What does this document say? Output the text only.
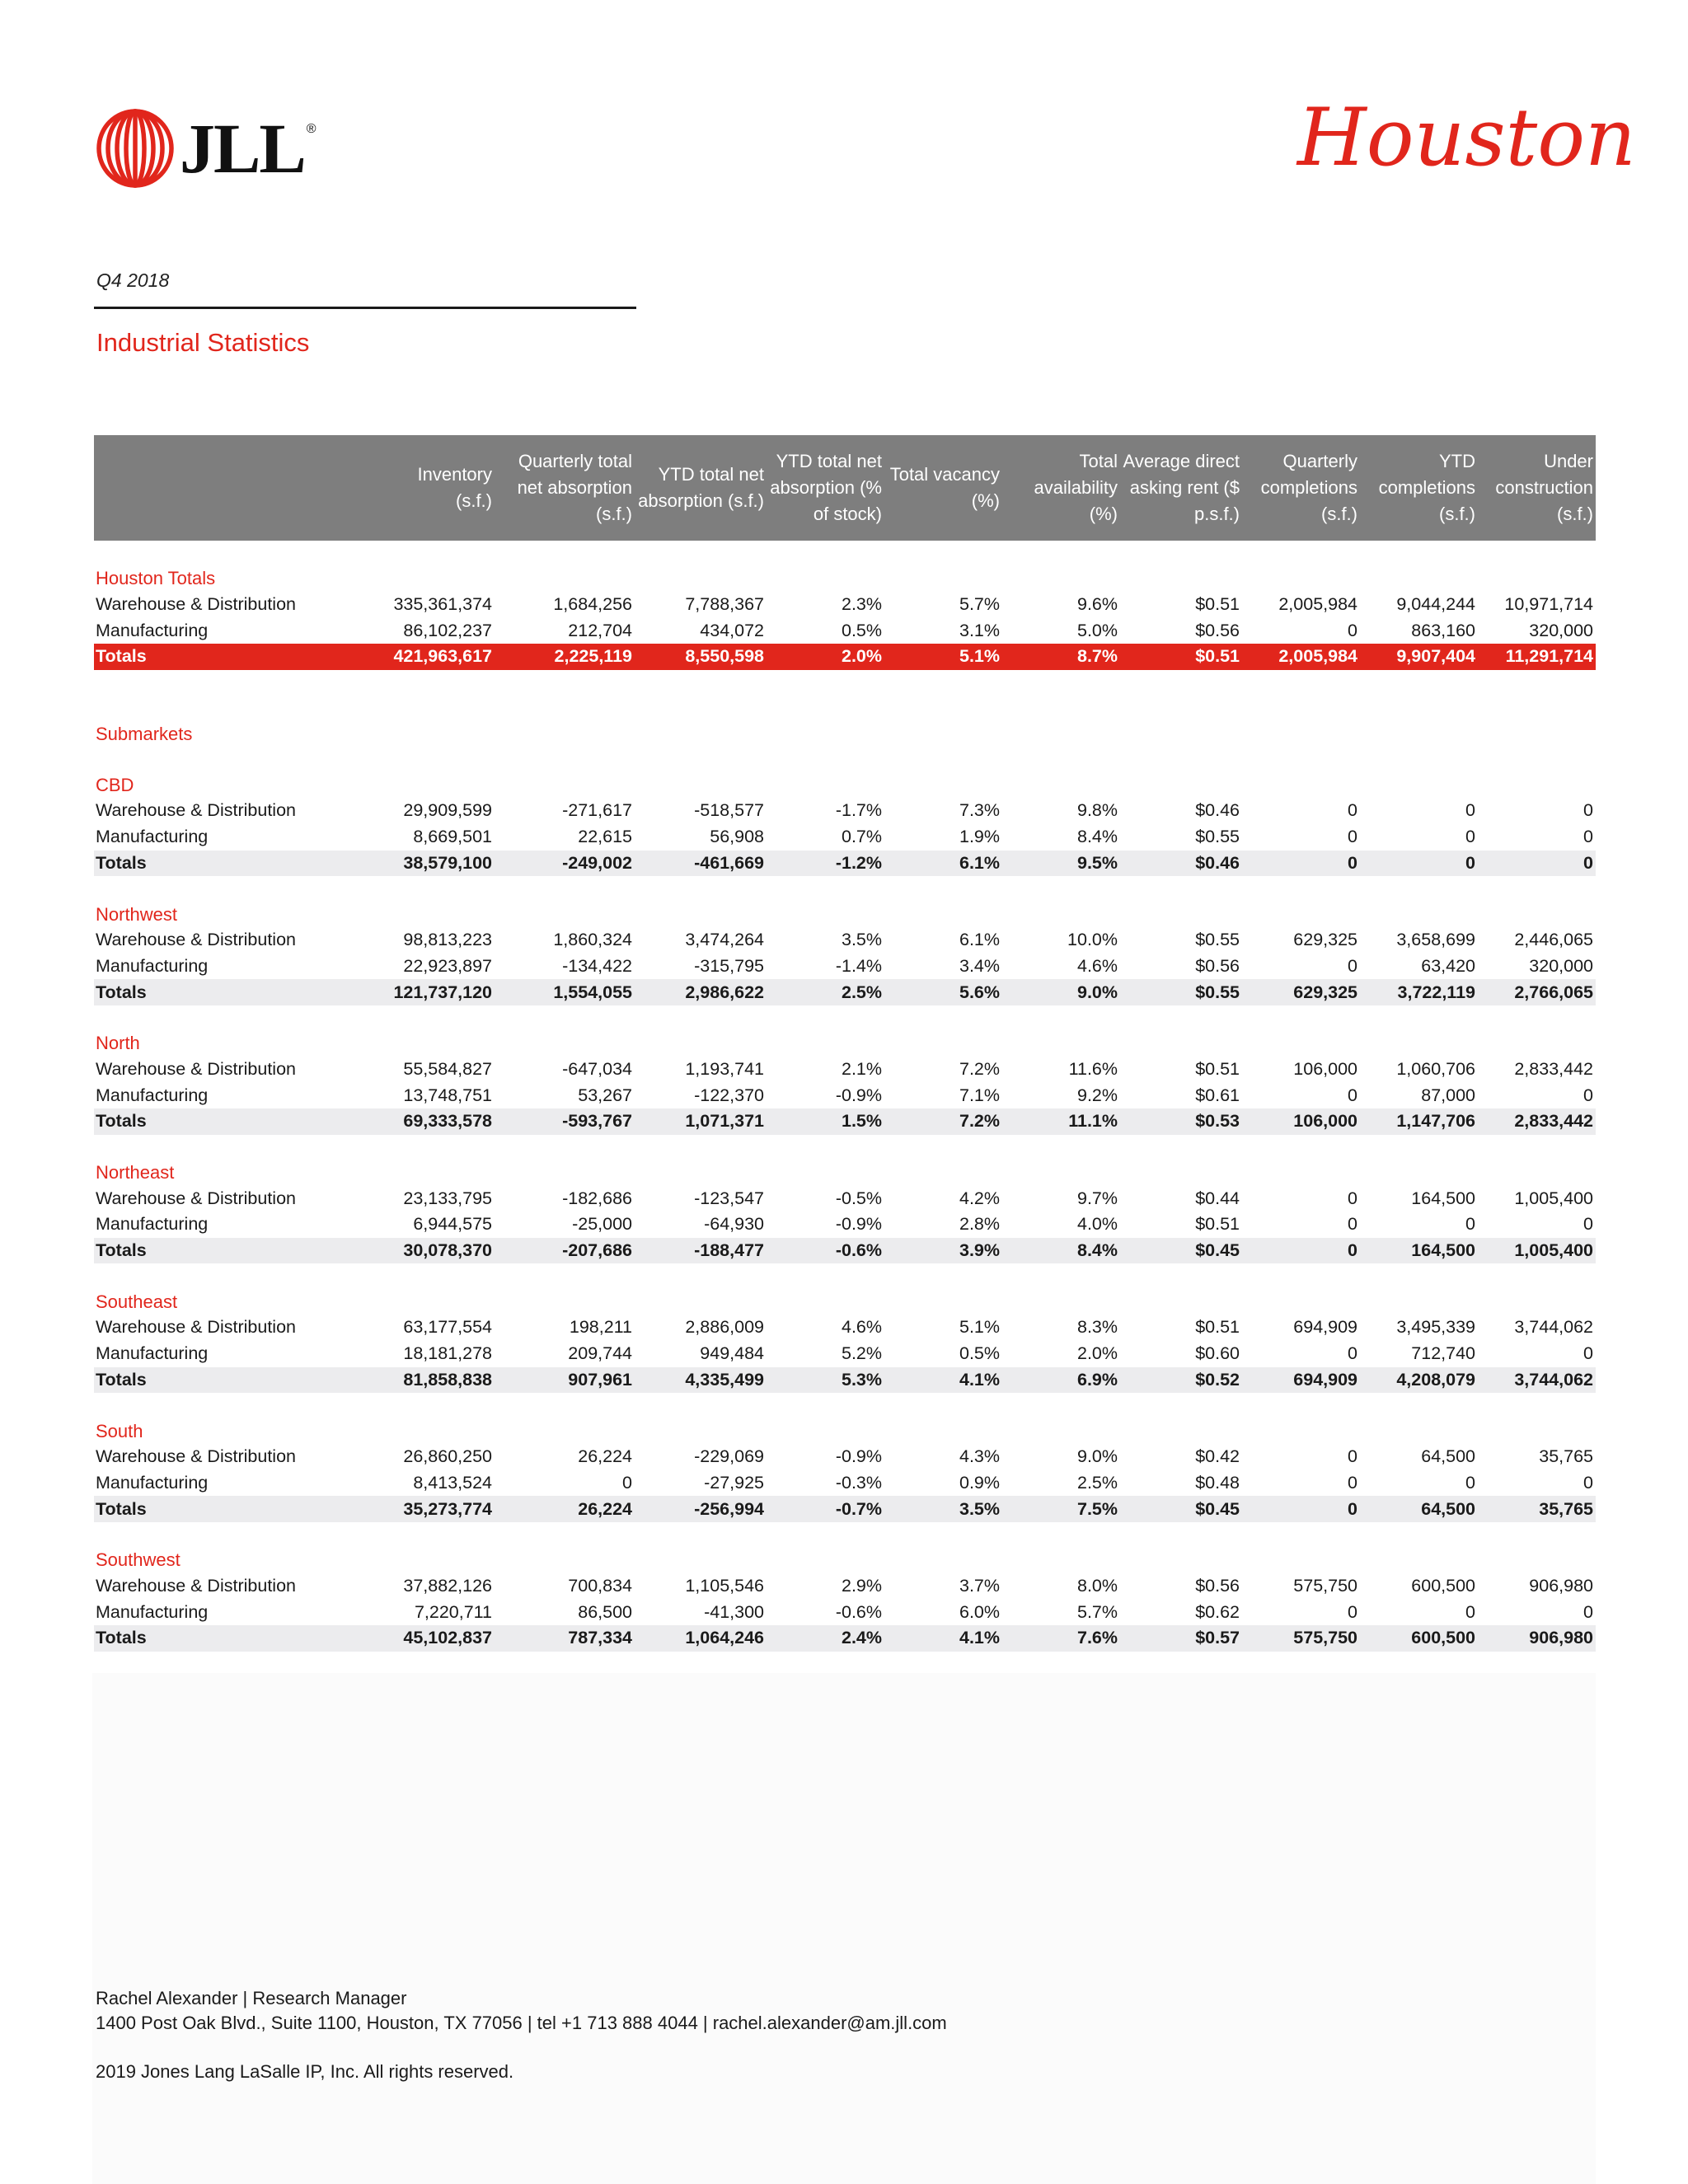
JLL ®	Houston
Q4 2018
Industrial Statistics
	Inventory (s.f.)	Quarterly total net absorption (s.f.)	YTD total net absorption (s.f.)	YTD total net absorption (% of stock)	Total vacancy (%)	Total availability (%)	Average direct asking rent ($ p.s.f.)	Quarterly completions (s.f.)	YTD completions (s.f.)	Under construction (s.f.)

Houston Totals										
Warehouse & Distribution	335,361,374	1,684,256	7,788,367	2.3%	5.7%	9.6%	$0.51	2,005,984	9,044,244	10,971,714
Manufacturing	86,102,237	212,704	434,072	0.5%	3.1%	5.0%	$0.56	0	863,160	320,000
Totals	421,963,617	2,225,119	8,550,598	2.0%	5.1%	8.7%	$0.51	2,005,984	9,907,404	11,291,714

Submarkets										

CBD										
Warehouse & Distribution	29,909,599	-271,617	-518,577	-1.7%	7.3%	9.8%	$0.46	0	0	0
Manufacturing	8,669,501	22,615	56,908	0.7%	1.9%	8.4%	$0.55	0	0	0
Totals	38,579,100	-249,002	-461,669	-1.2%	6.1%	9.5%	$0.46	0	0	0

Northwest										
Warehouse & Distribution	98,813,223	1,860,324	3,474,264	3.5%	6.1%	10.0%	$0.55	629,325	3,658,699	2,446,065
Manufacturing	22,923,897	-134,422	-315,795	-1.4%	3.4%	4.6%	$0.56	0	63,420	320,000
Totals	121,737,120	1,554,055	2,986,622	2.5%	5.6%	9.0%	$0.55	629,325	3,722,119	2,766,065

North										
Warehouse & Distribution	55,584,827	-647,034	1,193,741	2.1%	7.2%	11.6%	$0.51	106,000	1,060,706	2,833,442
Manufacturing	13,748,751	53,267	-122,370	-0.9%	7.1%	9.2%	$0.61	0	87,000	0
Totals	69,333,578	-593,767	1,071,371	1.5%	7.2%	11.1%	$0.53	106,000	1,147,706	2,833,442

Northeast										
Warehouse & Distribution	23,133,795	-182,686	-123,547	-0.5%	4.2%	9.7%	$0.44	0	164,500	1,005,400
Manufacturing	6,944,575	-25,000	-64,930	-0.9%	2.8%	4.0%	$0.51	0	0	0
Totals	30,078,370	-207,686	-188,477	-0.6%	3.9%	8.4%	$0.45	0	164,500	1,005,400

Southeast										
Warehouse & Distribution	63,177,554	198,211	2,886,009	4.6%	5.1%	8.3%	$0.51	694,909	3,495,339	3,744,062
Manufacturing	18,181,278	209,744	949,484	5.2%	0.5%	2.0%	$0.60	0	712,740	0
Totals	81,858,838	907,961	4,335,499	5.3%	4.1%	6.9%	$0.52	694,909	4,208,079	3,744,062

South										
Warehouse & Distribution	26,860,250	26,224	-229,069	-0.9%	4.3%	9.0%	$0.42	0	64,500	35,765
Manufacturing	8,413,524	0	-27,925	-0.3%	0.9%	2.5%	$0.48	0	0	0
Totals	35,273,774	26,224	-256,994	-0.7%	3.5%	7.5%	$0.45	0	64,500	35,765

Southwest										
Warehouse & Distribution	37,882,126	700,834	1,105,546	2.9%	3.7%	8.0%	$0.56	575,750	600,500	906,980
Manufacturing	7,220,711	86,500	-41,300	-0.6%	6.0%	5.7%	$0.62	0	0	0
Totals	45,102,837	787,334	1,064,246	2.4%	4.1%	7.6%	$0.57	575,750	600,500	906,980
Rachel Alexander | Research Manager
1400 Post Oak Blvd., Suite 1100, Houston, TX 77056 | tel +1 713 888 4044 | rachel.alexander@am.jll.com
2019 Jones Lang LaSalle IP, Inc. All rights reserved.
